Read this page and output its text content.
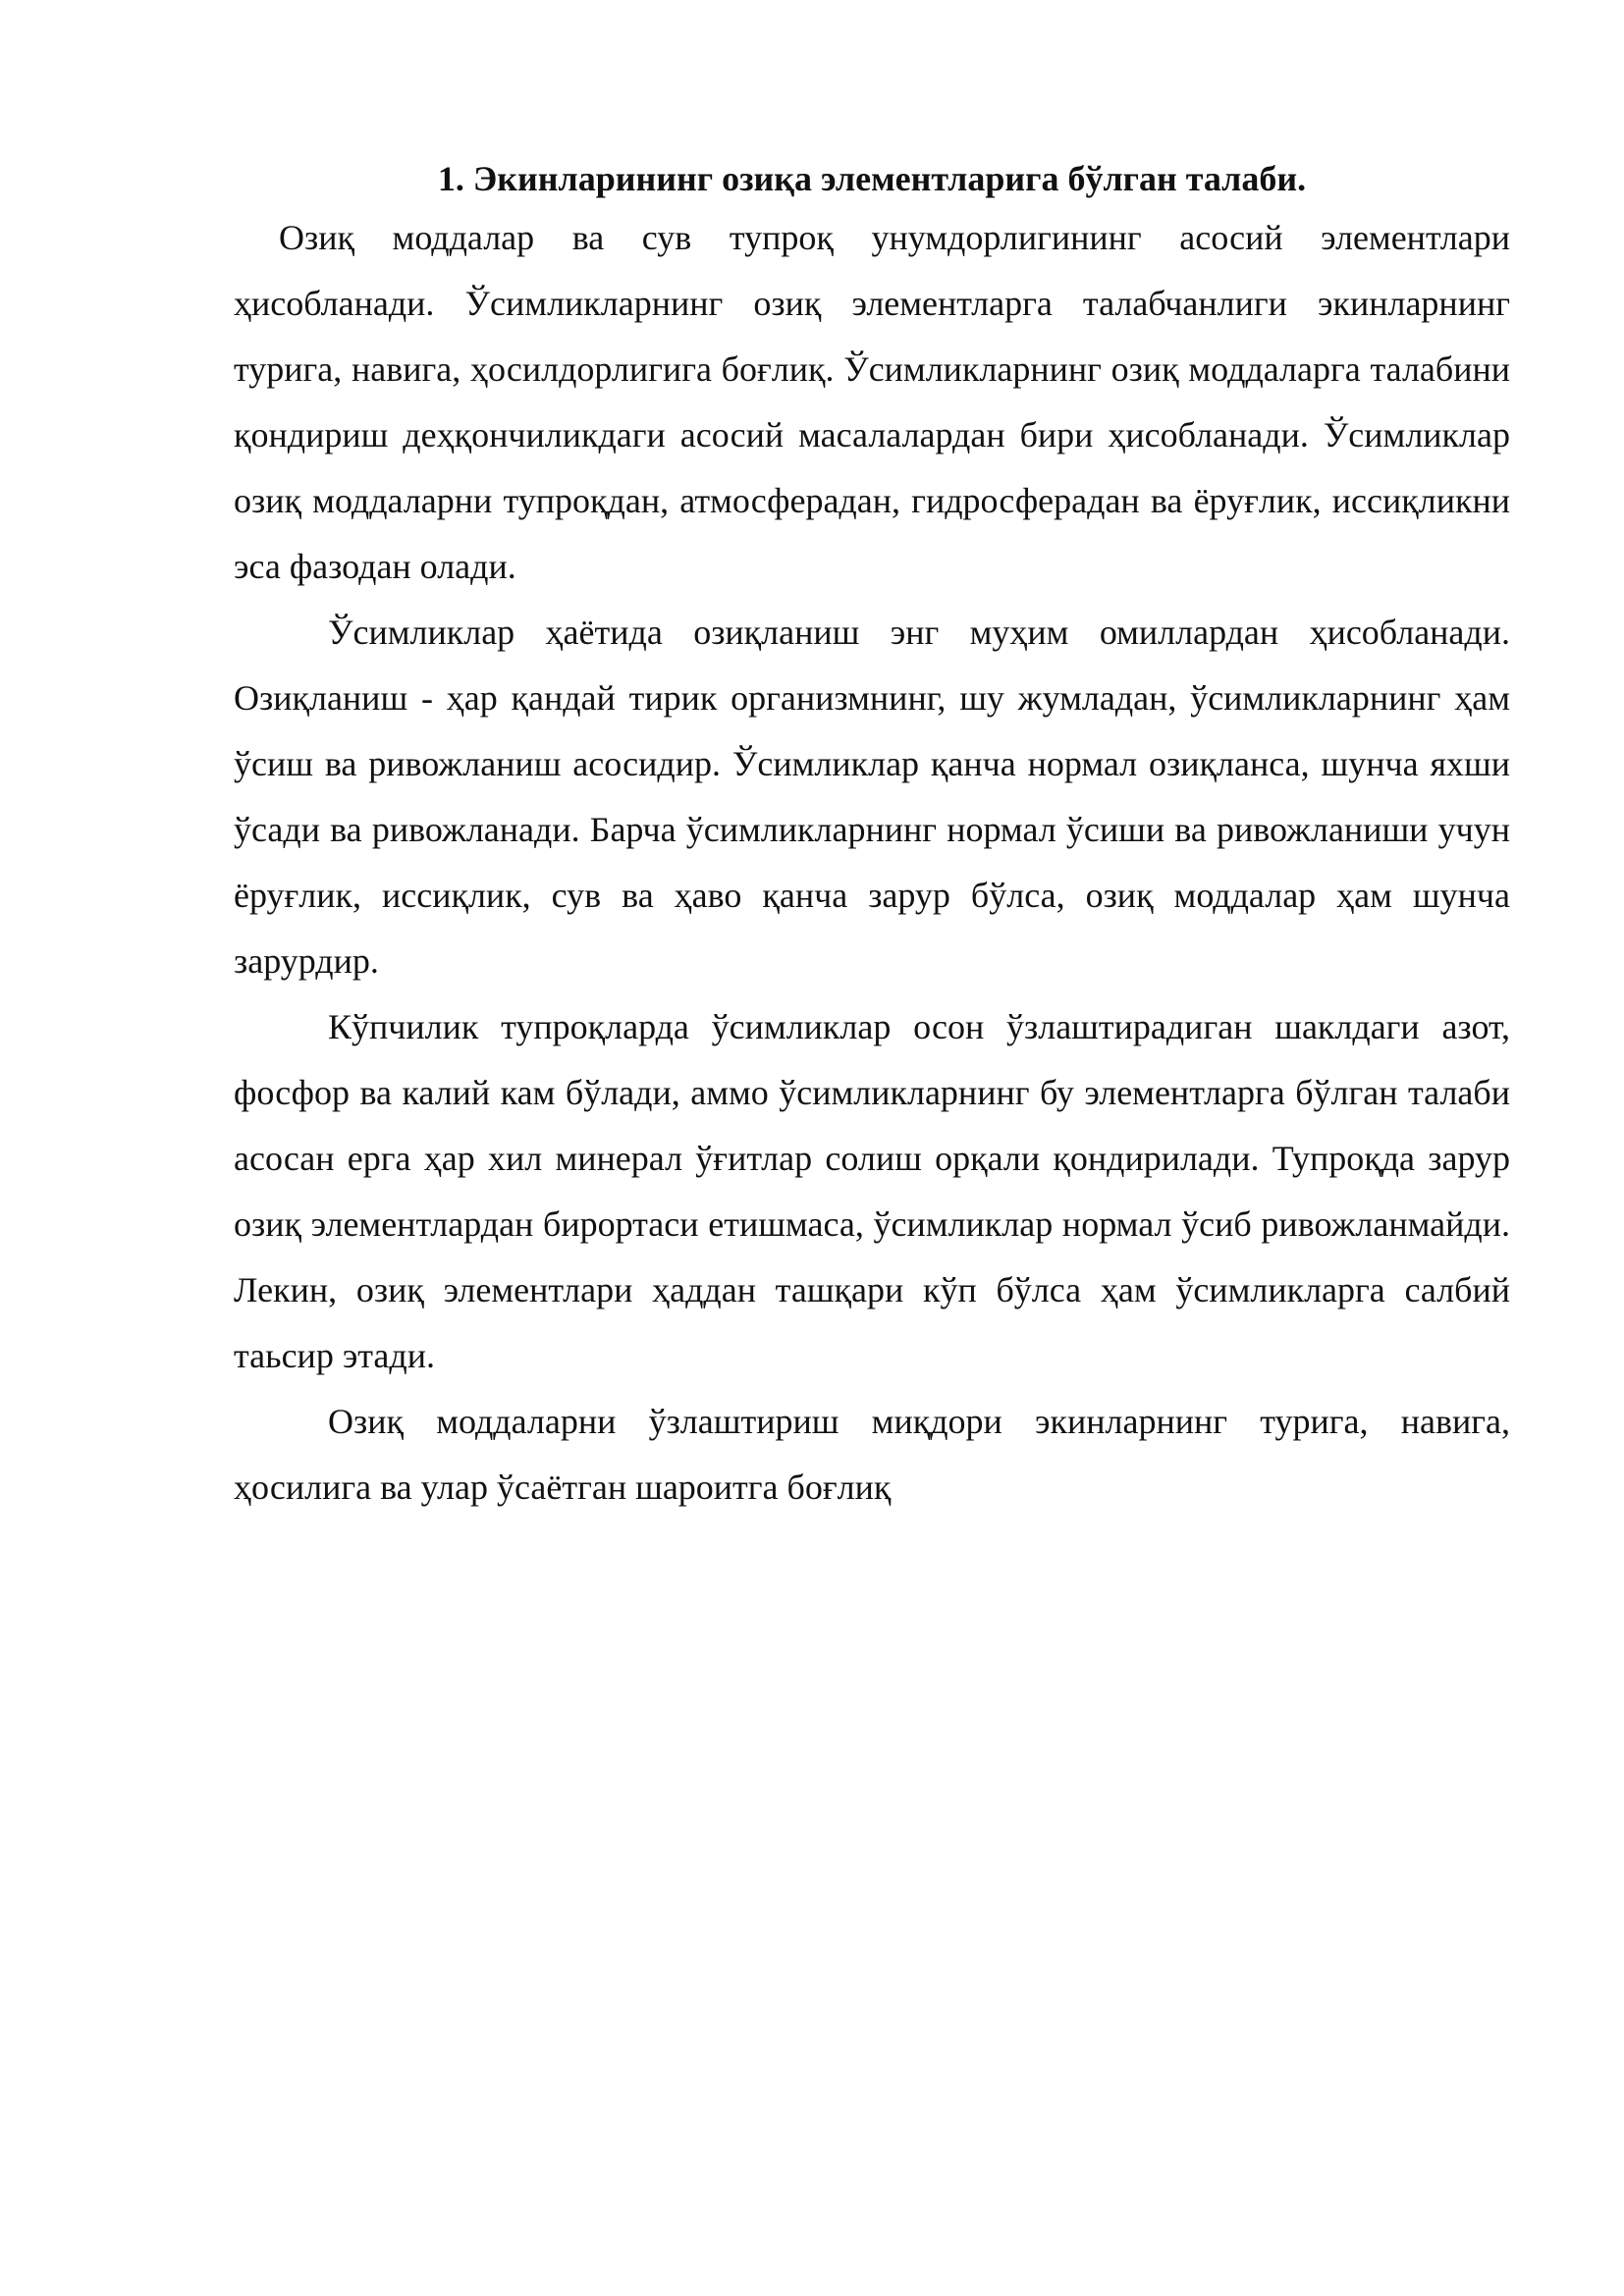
1. Экинларининг озиқа элементларига бўлган талаби.

Озиқ моддалар ва сув тупроқ унумдорлигининг асосий элементлари ҳисобланади. Ўсимликларнинг озиқ элементларга талабчанлиги экинларнинг турига, навига, ҳосилдорлигига боғлиқ. Ўсимликларнинг озиқ моддаларга талабини қондириш деҳқончиликдаги асосий масалалардан бири ҳисобланади. Ўсимликлар озиқ моддаларни тупроқдан, атмосферадан, гидросферадан ва ёруғлик, иссиқликни эса фазодан олади.

Ўсимликлар ҳаётида озиқланиш энг муҳим омиллардан ҳисобланади. Озиқланиш - ҳар қандай тирик организмнинг, шу жумладан, ўсимликларнинг ҳам ўсиш ва ривожланиш асосидир. Ўсимликлар қанча нормал озиқланса, шунча яхши ўсади ва ривожланади. Барча ўсимликларнинг нормал ўсиши ва ривожланиши учун ёруғлик, иссиқлик, сув ва ҳаво қанча зарур бўлса, озиқ моддалар ҳам шунча зарурдир.

Кўпчилик тупроқларда ўсимликлар осон ўзлаштирадиган шаклдаги азот, фосфор ва калий кам бўлади, аммо ўсимликларнинг бу элементларга бўлган талаби асосан ерга ҳар хил минерал ўғитлар солиш орқали қондирилади. Тупроқда зарур озиқ элементлардан бирортаси етишмаса, ўсимликлар нормал ўсиб ривожланмайди. Лекин, озиқ элементлари ҳаддан ташқари кўп бўлса ҳам ўсимликларга салбий таьсир этади.

Озиқ моддаларни ўзлаштириш миқдори экинларнинг турига, навига, ҳосилига ва улар ўсаётган шароитга боғлиқ
